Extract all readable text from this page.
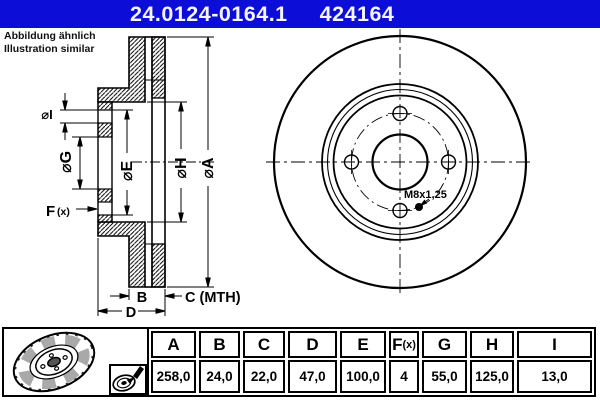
⌀A
⌀H
⌀E
⌀G
⌀I
F (x)
B	C (MTH)
D
M8x1,25
24.0124-0164.1 424164
Abbildung ähnlich
Illustration similar
A B C D E F (x) G H	I
258,0 24,0 22,0 47,0 100,0 4 55,0 125,0 13,0
